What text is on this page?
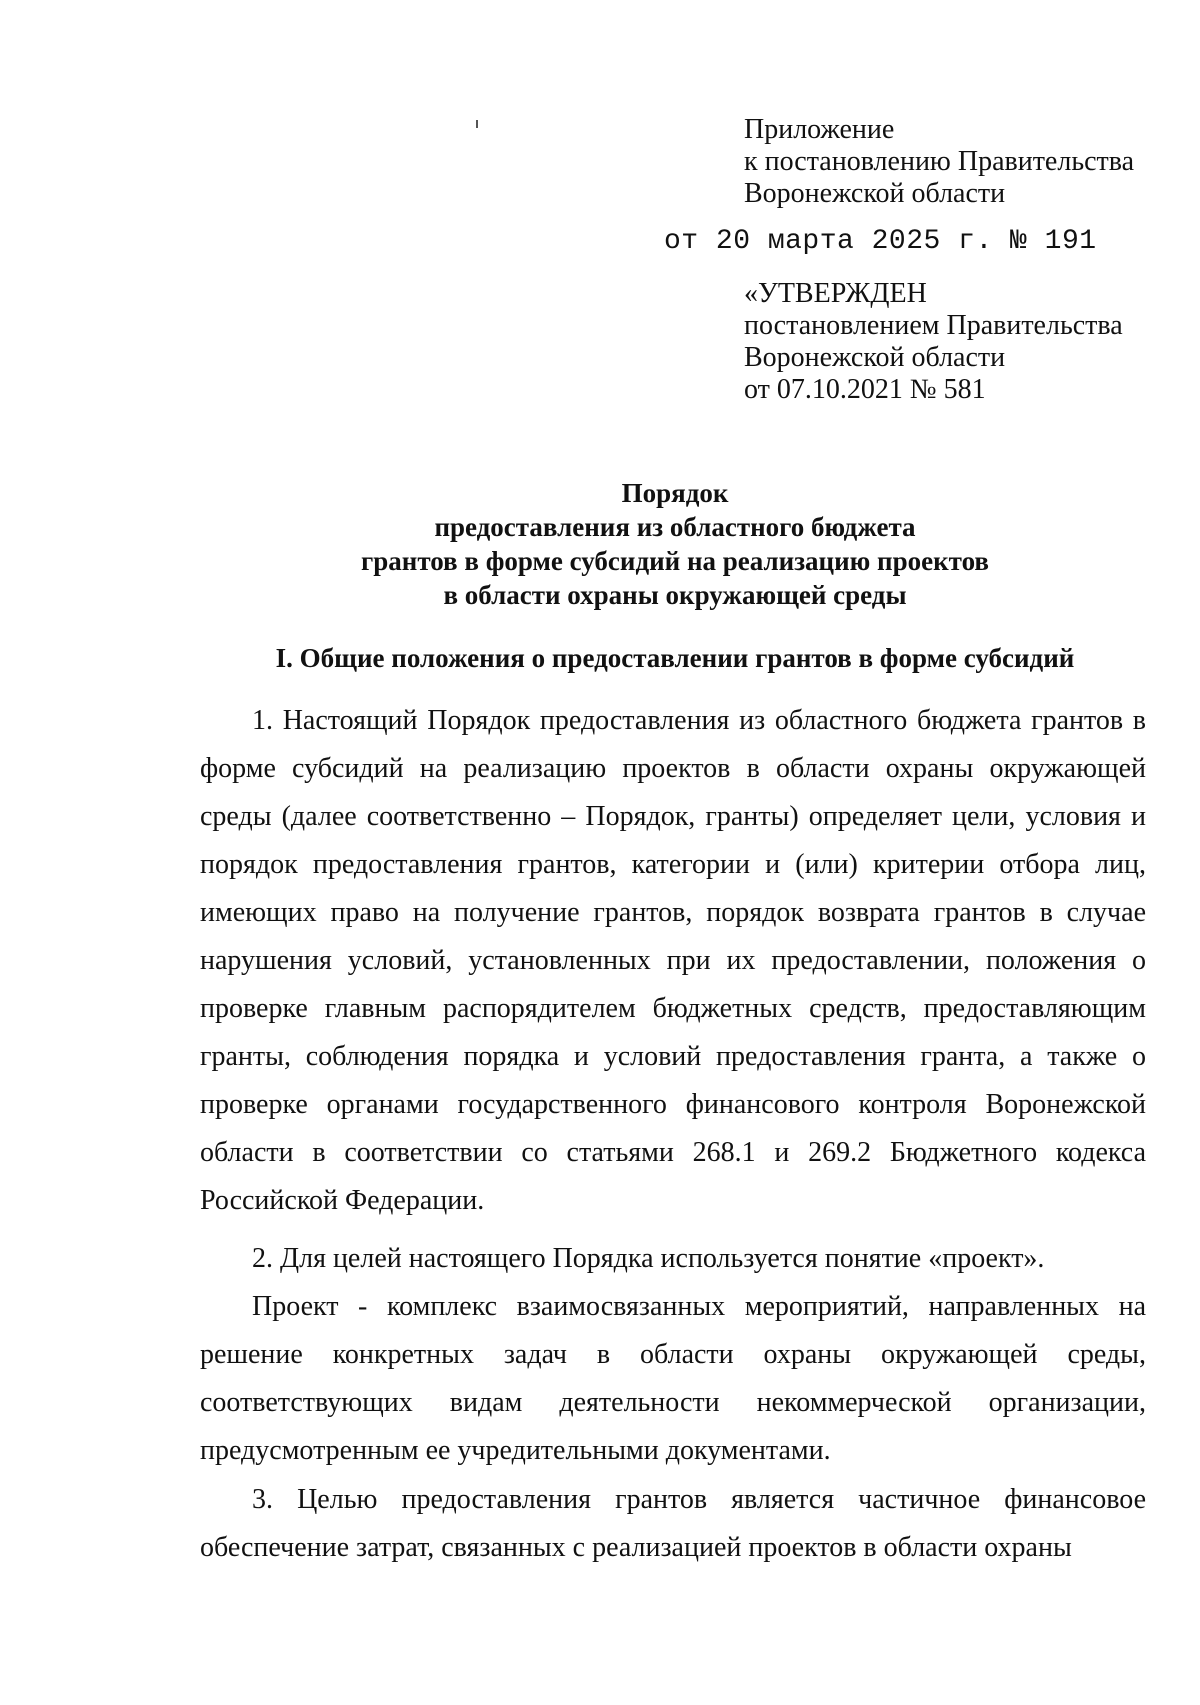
Приложение
к постановлению Правительства
Воронежской области
от 20 марта 2025 г. № 191
«УТВЕРЖДЕН
постановлением Правительства
Воронежской области
от 07.10.2021 № 581
Порядок
предоставления из областного бюджета
грантов в форме субсидий на реализацию проектов
в области охраны окружающей среды
I. Общие положения о предоставлении грантов в форме субсидий

1. Настоящий Порядок предоставления из областного бюджета грантов в форме субсидий на реализацию проектов в области охраны окружающей среды (далее соответственно – Порядок, гранты) определяет цели, условия и порядок предоставления грантов, категории и (или) критерии отбора лиц, имеющих право на получение грантов, порядок возврата грантов в случае нарушения условий, установленных при их предоставлении, положения о проверке главным распорядителем бюджетных средств, предоставляющим гранты, соблюдения порядка и условий предоставления гранта, а также о проверке органами государственного финансового контроля Воронежской области в соответствии со статьями 268.1 и 269.2 Бюджетного кодекса Российской Федерации.

2. Для целей настоящего Порядка используется понятие «проект».

Проект - комплекс взаимосвязанных мероприятий, направленных на решение конкретных задач в области охраны окружающей среды, соответствующих видам деятельности некоммерческой организации, предусмотренным ее учредительными документами.

3. Целью предоставления грантов является частичное финансовое обеспечение затрат, связанных с реализацией проектов в области охраны
